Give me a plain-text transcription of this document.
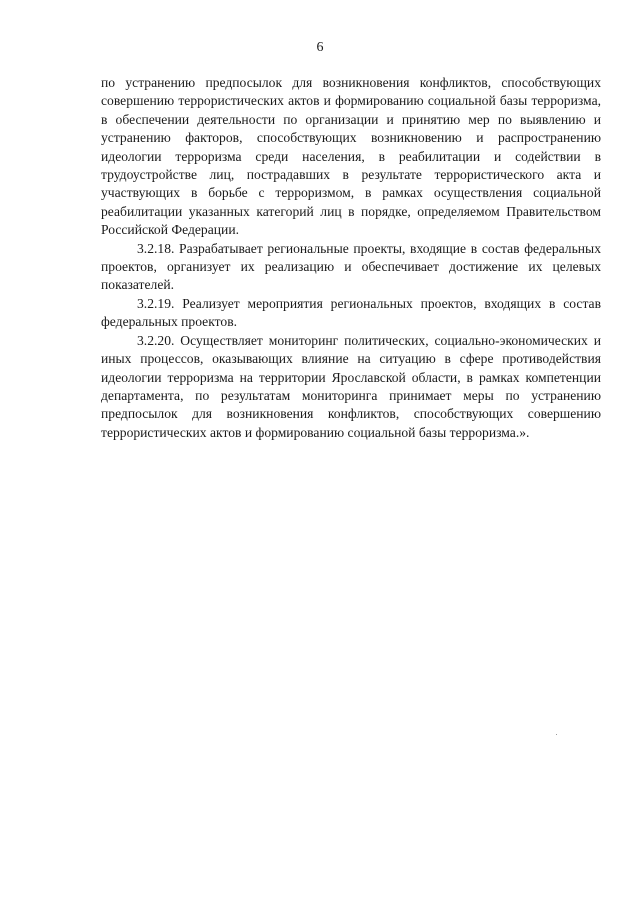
6

по устранению предпосылок для возникновения конфликтов, способствующих совершению террористических актов и формированию социальной базы терроризма, в обеспечении деятельности по организации и принятию мер по выявлению и устранению факторов, способствующих возникновению и распространению идеологии терроризма среди населения, в реабилитации и содействии в трудоустройстве лиц, пострадавших в результате террористического акта и участвующих в борьбе с терроризмом, в рамках осуществления социальной реабилитации указанных категорий лиц в порядке, определяемом Правительством Российской Федерации.

3.2.18. Разрабатывает региональные проекты, входящие в состав федеральных проектов, организует их реализацию и обеспечивает достижение их целевых показателей.

3.2.19. Реализует мероприятия региональных проектов, входящих в состав федеральных проектов.

3.2.20. Осуществляет мониторинг политических, социально-экономических и иных процессов, оказывающих влияние на ситуацию в сфере противодействия идеологии терроризма на территории Ярославской области, в рамках компетенции департамента, по результатам мониторинга принимает меры по устранению предпосылок для возникновения конфликтов, способствующих совершению террористических актов и формированию социальной базы терроризма.».
